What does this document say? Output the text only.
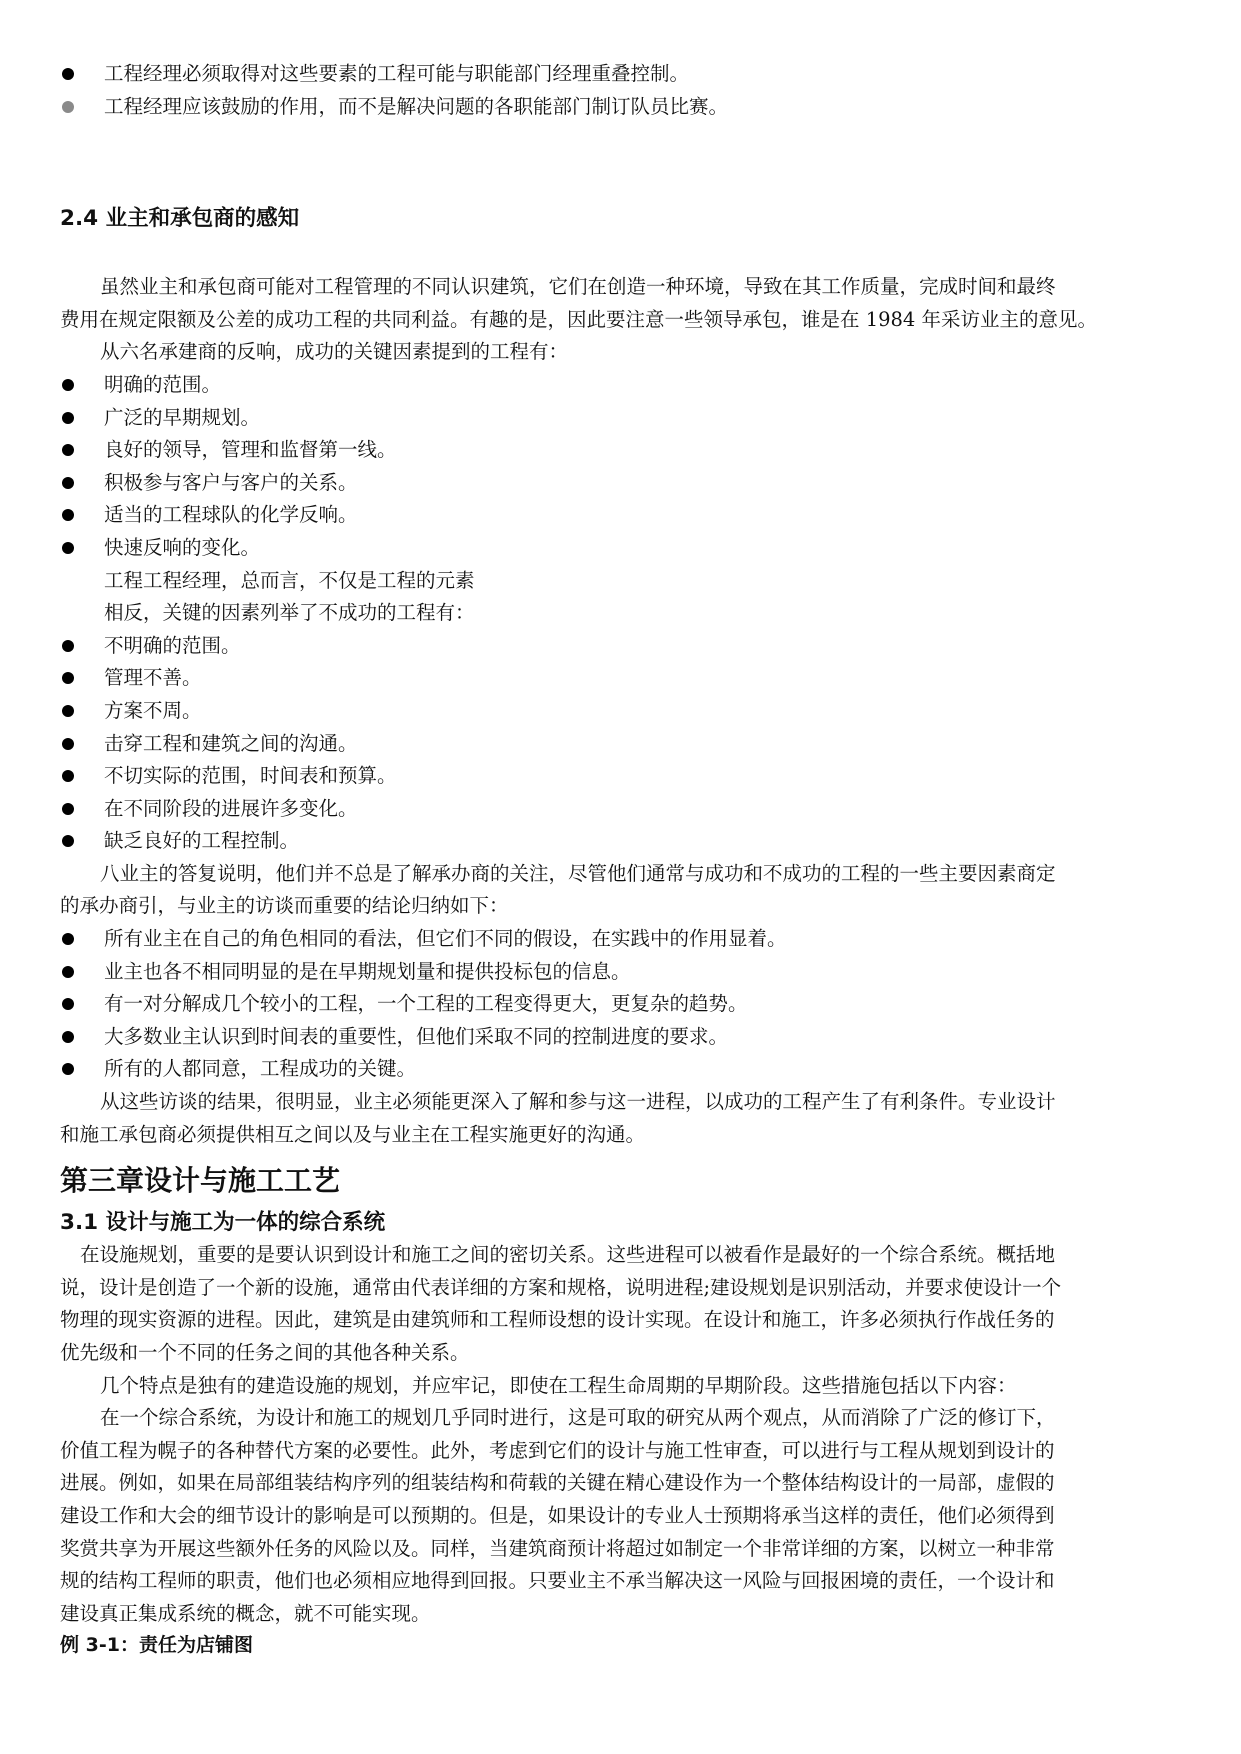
工程经理必须取得对这些要素的工程可能与职能部门经理重叠控制。
工程经理应该鼓励的作用，而不是解决问题的各职能部门制订队员比赛。
2.4 业主和承包商的感知

虽然业主和承包商可能对工程管理的不同认识建筑，它们在创造一种环境，导致在其工作质量，完成时间和最终

费用在规定限额及公差的成功工程的共同利益。有趣的是，因此要注意一些领导承包，谁是在 1984 年采访业主的意见。

从六名承建商的反响，成功的关键因素提到的工程有：

明确的范围。
广泛的早期规划。
良好的领导，管理和监督第一线。
积极参与客户与客户的关系。
适当的工程球队的化学反响。
快速反响的变化。

工程工程经理，总而言，不仅是工程的元素

相反，关键的因素列举了不成功的工程有：

不明确的范围。
管理不善。
方案不周。
击穿工程和建筑之间的沟通。
不切实际的范围，时间表和预算。
在不同阶段的进展许多变化。
缺乏良好的工程控制。

八业主的答复说明，他们并不总是了解承办商的关注，尽管他们通常与成功和不成功的工程的一些主要因素商定

的承办商引，与业主的访谈而重要的结论归纳如下：

所有业主在自己的角色相同的看法，但它们不同的假设，在实践中的作用显着。
业主也各不相同明显的是在早期规划量和提供投标包的信息。
有一对分解成几个较小的工程，一个工程的工程变得更大，更复杂的趋势。
大多数业主认识到时间表的重要性，但他们采取不同的控制进度的要求。
所有的人都同意，工程成功的关键。

从这些访谈的结果，很明显，业主必须能更深入了解和参与这一进程，以成功的工程产生了有利条件。专业设计

和施工承包商必须提供相互之间以及与业主在工程实施更好的沟通。

第三章设计与施工工艺
3.1 设计与施工为一体的综合系统

在设施规划，重要的是要认识到设计和施工之间的密切关系。这些进程可以被看作是最好的一个综合系统。概括地

说，设计是创造了一个新的设施，通常由代表详细的方案和规格，说明进程;建设规划是识别活动，并要求使设计一个

物理的现实资源的进程。因此，建筑是由建筑师和工程师设想的设计实现。在设计和施工，许多必须执行作战任务的

优先级和一个不同的任务之间的其他各种关系。

几个特点是独有的建造设施的规划，并应牢记，即使在工程生命周期的早期阶段。这些措施包括以下内容：

在一个综合系统，为设计和施工的规划几乎同时进行，这是可取的研究从两个观点，从而消除了广泛的修订下，

价值工程为幌子的各种替代方案的必要性。此外，考虑到它们的设计与施工性审查，可以进行与工程从规划到设计的

进展。例如，如果在局部组装结构序列的组装结构和荷载的关键在精心建设作为一个整体结构设计的一局部，虚假的

建设工作和大会的细节设计的影响是可以预期的。但是，如果设计的专业人士预期将承当这样的责任，他们必须得到

奖赏共享为开展这些额外任务的风险以及。同样，当建筑商预计将超过如制定一个非常详细的方案，以树立一种非常

规的结构工程师的职责，他们也必须相应地得到回报。只要业主不承当解决这一风险与回报困境的责任，一个设计和

建设真正集成系统的概念，就不可能实现。

例 3-1：责任为店铺图
